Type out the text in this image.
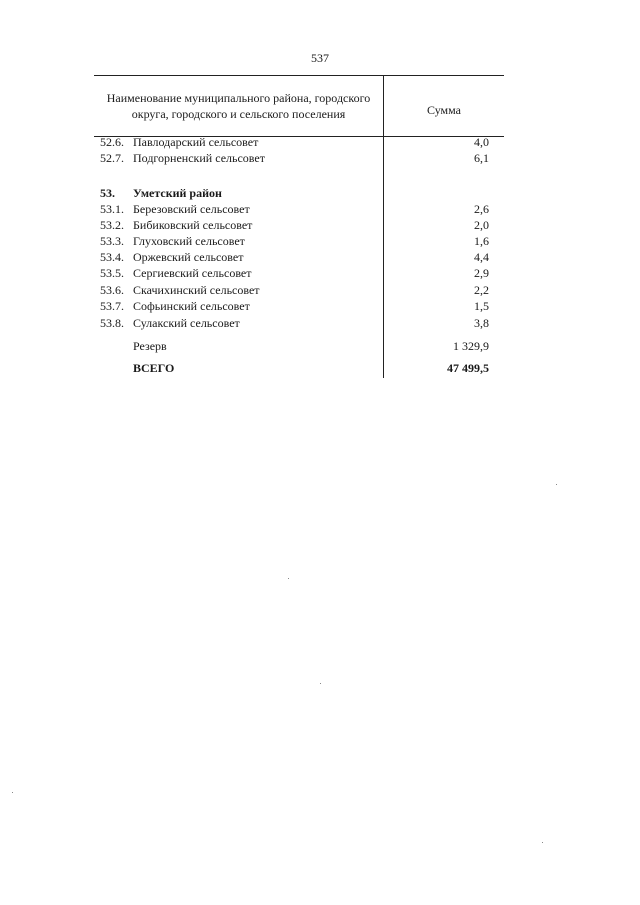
537
Наименование муниципального района, городского
округа, городского и сельского поселения	Сумма
52.6. Павлодарский сельсовет	4,0
52.7. Подгорненский сельсовет	6,1
53. Уметский район
53.1. Березовский сельсовет	2,6
53.2. Бибиковский сельсовет	2,0
53.3. Глуховский сельсовет	1,6
53.4. Оржевский сельсовет	4,4
53.5. Сергиевский сельсовет	2,9
53.6. Скачихинский сельсовет	2,2
53.7. Софьинский сельсовет	1,5
53.8. Сулакский сельсовет	3,8
Резерв	1 329,9
ВСЕГО	47 499,5
